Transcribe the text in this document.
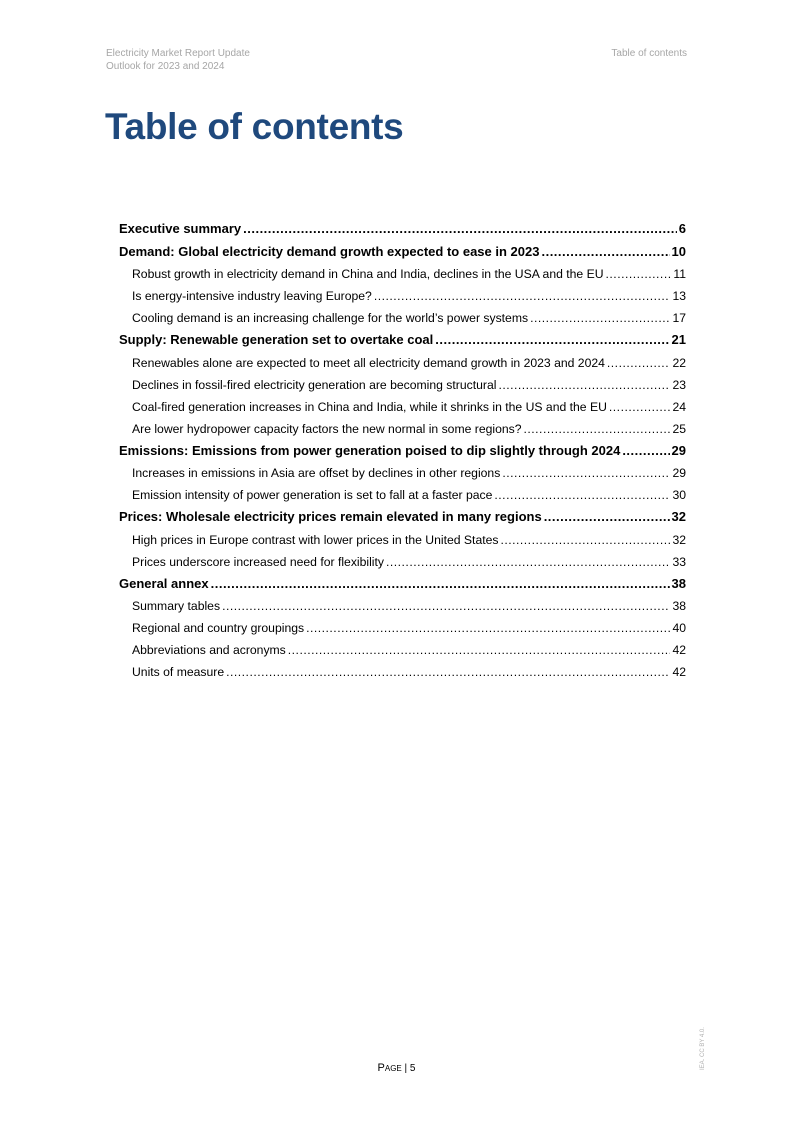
Electricity Market Report Update
Outlook for 2023 and 2024
Table of contents
Table of contents
Executive summary .....	6
Demand: Global electricity demand growth expected to ease in 2023 .....	10
Robust growth in electricity demand in China and India, declines in the USA and the EU .....	11
Is energy-intensive industry leaving Europe? .....	13
Cooling demand is an increasing challenge for the world’s power systems .....	17
Supply: Renewable generation set to overtake coal .....	21
Renewables alone are expected to meet all electricity demand growth in 2023 and 2024 .....	22
Declines in fossil-fired electricity generation are becoming structural .....	23
Coal-fired generation increases in China and India, while it shrinks in the US and the EU .....	24
Are lower hydropower capacity factors the new normal in some regions? .....	25
Emissions: Emissions from power generation poised to dip slightly through 2024 .....	29
Increases in emissions in Asia are offset by declines in other regions .....	29
Emission intensity of power generation is set to fall at a faster pace .....	30
Prices: Wholesale electricity prices remain elevated in many regions .....	32
High prices in Europe contrast with lower prices in the United States .....	32
Prices underscore increased need for flexibility .....	33
General annex .....	38
Summary tables .....	38
Regional and country groupings .....	40
Abbreviations and acronyms .....	42
Units of measure .....	42
Page | 5	IEA. CC BY 4.0.
